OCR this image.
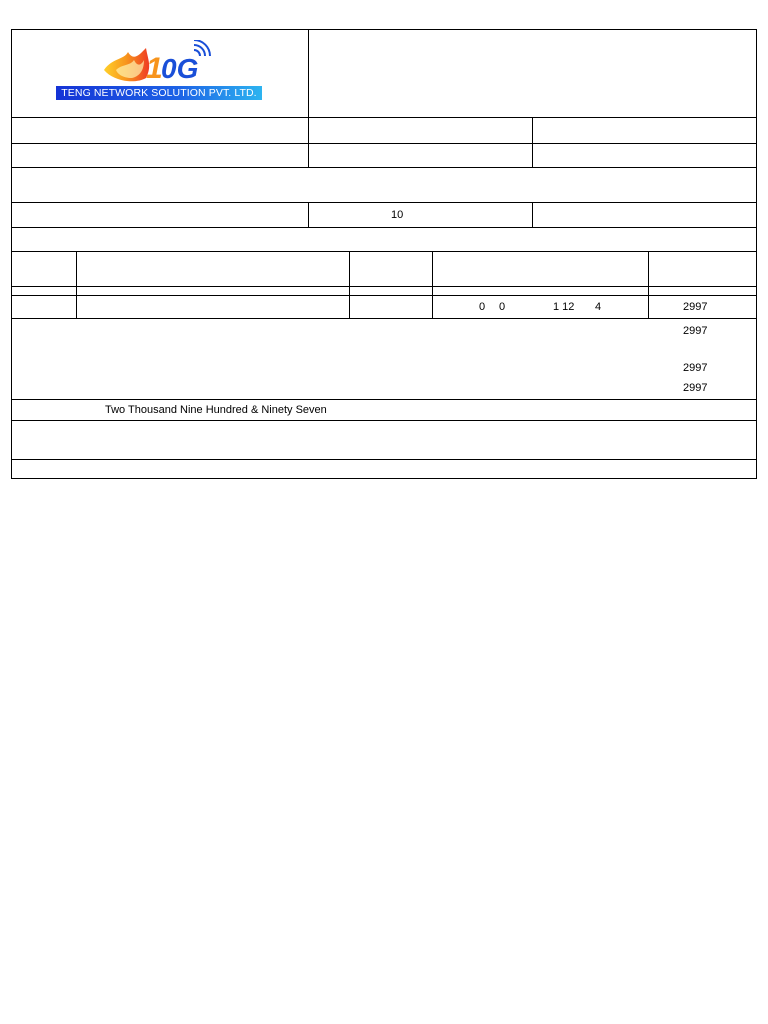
1
0G
TENG NETWORK SOLUTION PVT. LTD.
10
0 0	1 12 4	2997
2997
2997
2997
Two Thousand Nine Hundred & Ninety Seven
